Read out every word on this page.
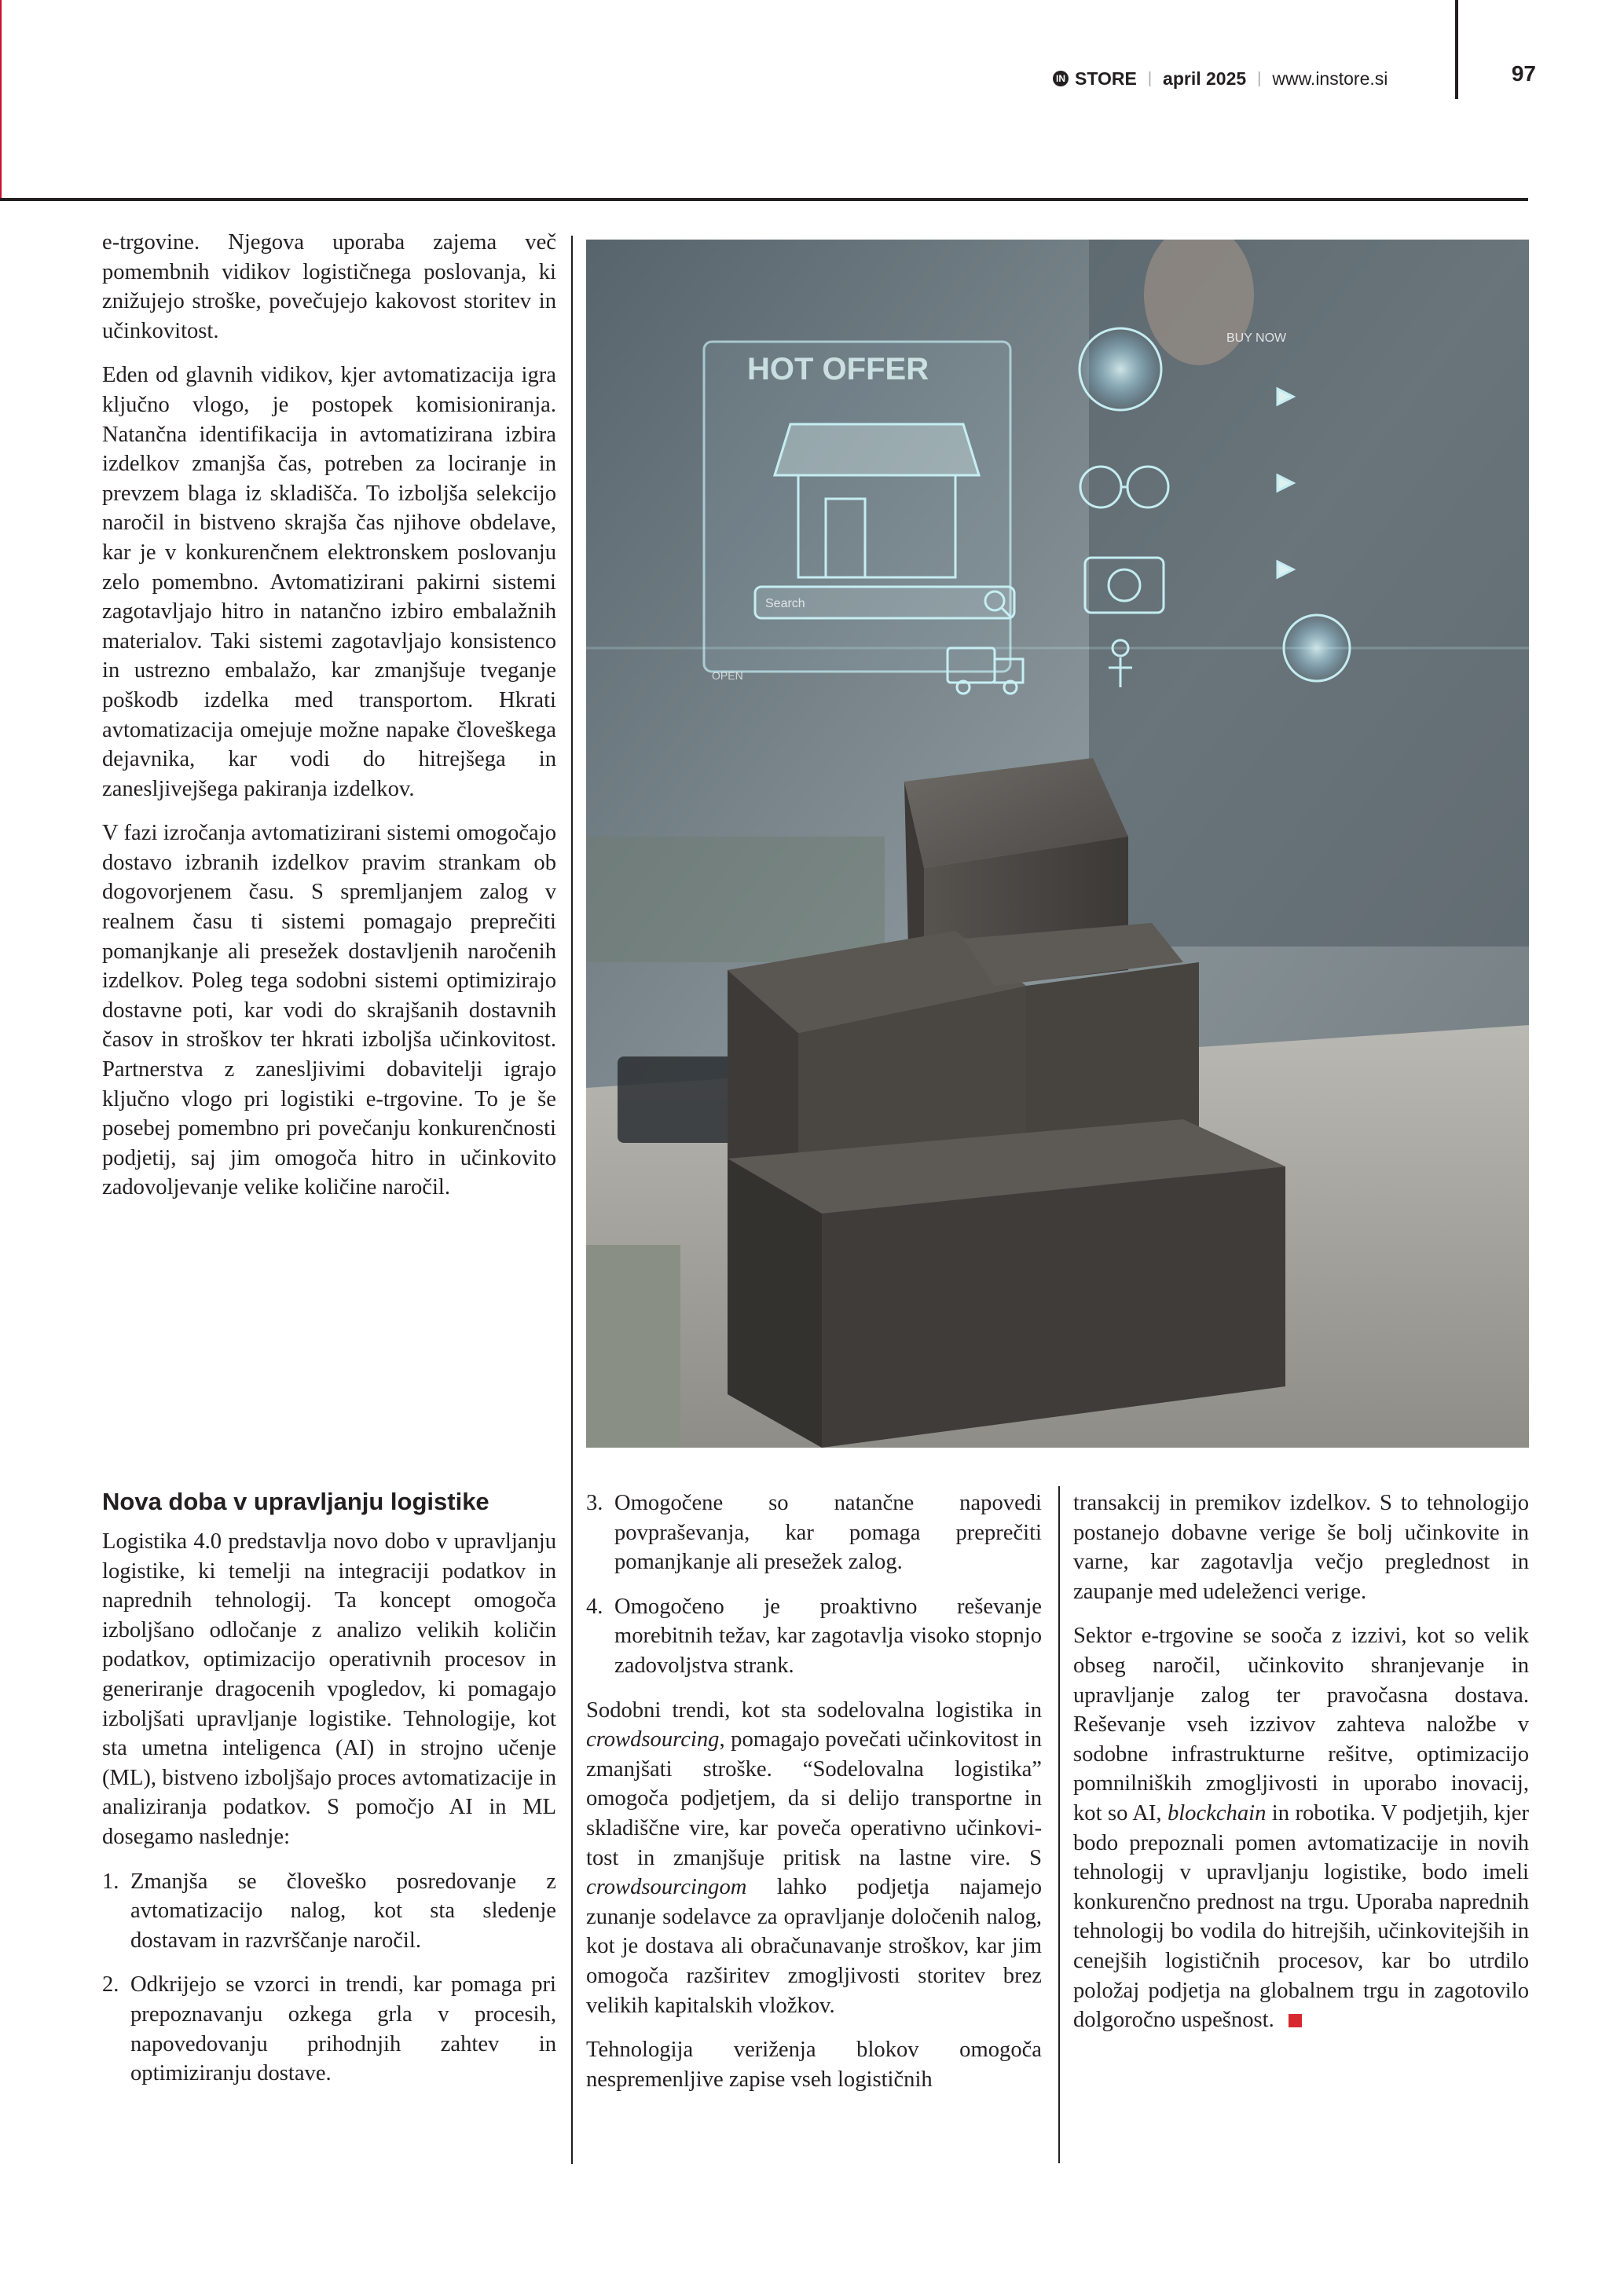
IN STORE | april 2025 | www.instore.si	97

e-trgovine. Njegova uporaba zajema več pomembnih vidikov logističnega poslovanja, ki znižujejo stroške, povečujejo kakovost storitev in učinkovitost.

Eden od glavnih vidikov, kjer avtomatizacija igra ključno vlogo, je postopek komisioniranja. Natančna identifikacija in avtomatizirana izbira izdelkov zmanjša čas, potreben za lociranje in prevzem blaga iz skladišča. To izboljša selekcijo naročil in bistveno skrajša čas njihove obdelave, kar je v konkurenčnem elektronskem poslovanju zelo pomembno. Avtomatizirani pakirni sistemi zagotavljajo hitro in natančno izbiro embalažnih materialov. Taki sistemi zagotavljajo konsistenco in ustrezno embalažo, kar zmanjšuje tveganje poškodb izdelka med transportom. Hkrati avtomatizacija omejuje možne napake človeškega dejavnika, kar vodi do hitrejšega in zanesljivejšega pakiranja izdelkov.

V fazi izročanja avtomatizirani sistemi omogočajo dostavo izbranih izdelkov pravim strankam ob dogovorjenem času. S spremljanjem zalog v realnem času ti sistemi pomagajo preprečiti pomanjkanje ali presežek dostavljenih naročenih izdelkov. Poleg tega sodobni sistemi optimizirajo dostavne poti, kar vodi do skrajšanih dostavnih časov in stroškov ter hkrati izboljša učinkovitost. Partnerstva z zanesljivimi dobavitelji igrajo ključno vlogo pri logistiki e-trgovine. To je še posebej pomembno pri povečanju konkurenčnosti podjetij, saj jim omogoča hitro in učinkovito zadovoljevanje velike količine naročil.

HOT OFFER
BUY NOW
Search
OPEN
Nova doba v upravljanju logistike

Logistika 4.0 predstavlja novo dobo v upravljanju logistike, ki temelji na integraciji podatkov in naprednih tehnologij. Ta koncept omogoča izboljšano odločanje z analizo velikih količin podatkov, optimizacijo operativnih procesov in generiranje dragocenih vpogledov, ki pomagajo izboljšati upravljanje logistike. Tehnologije, kot sta umetna inteligenca (AI) in strojno učenje (ML), bistveno izboljšajo proces avtomatizacije in analiziranja podatkov. S pomočjo AI in ML dosegamo naslednje:

1. Zmanjša se človeško posredovanje z avtomatizacijo nalog, kot sta sledenje dostavam in razvrščanje naročil.
2. Odkrijejo se vzorci in trendi, kar pomaga pri prepoznavanju ozkega grla v procesih, napovedovanju prihodnjih zahtev in optimiziranju dostave.
3. Omogočene so natančne napovedi povpraševanja, kar pomaga preprečiti pomanjkanje ali presežek zalog.
4. Omogočeno je proaktivno reševanje morebitnih težav, kar zagotavlja visoko stopnjo zadovoljstva strank.

Sodobni trendi, kot sta sodelovalna logistika in crowdsourcing, pomagajo povečati učinkovitost in zmanjšati stroške. “Sodelovalna logistika” omogoča podjetjem, da si delijo transportne in skladiščne vire, kar poveča operativno učinkovitost in zmanjšuje pritisk na lastne vire. S crowdsourcingom lahko podjetja najamejo zunanje sodelavce za opravljanje določenih nalog, kot je dostava ali obračunavanje stroškov, kar jim omogoča razširitev zmogljivosti storitev brez velikih kapitalskih vložkov.

Tehnologija veriženja blokov omogoča nespremenljive zapise vseh logističnih

transakcij in premikov izdelkov. S to tehnologijo postanejo dobavne verige še bolj učinkovite in varne, kar zagotavlja večjo preglednost in zaupanje med udeleženci verige.

Sektor e-trgovine se sooča z izzivi, kot so velik obseg naročil, učinkovito shranjevanje in upravljanje zalog ter pravočasna dostava. Reševanje vseh izzivov zahteva naložbe v sodobne infrastrukturne rešitve, optimizacijo pomnilniških zmogljivosti in uporabo inovacij, kot so AI, blockchain in robotika. V podjetjih, kjer bodo prepoznali pomen avtomatizacije in novih tehnologij v upravljanju logistike, bodo imeli konkurenčno prednost na trgu. Uporaba naprednih tehnologij bo vodila do hitrejših, učinkovitejših in cenejših logističnih procesov, kar bo utrdilo položaj podjetja na globalnem trgu in zagotovilo dolgoročno uspešnost.
